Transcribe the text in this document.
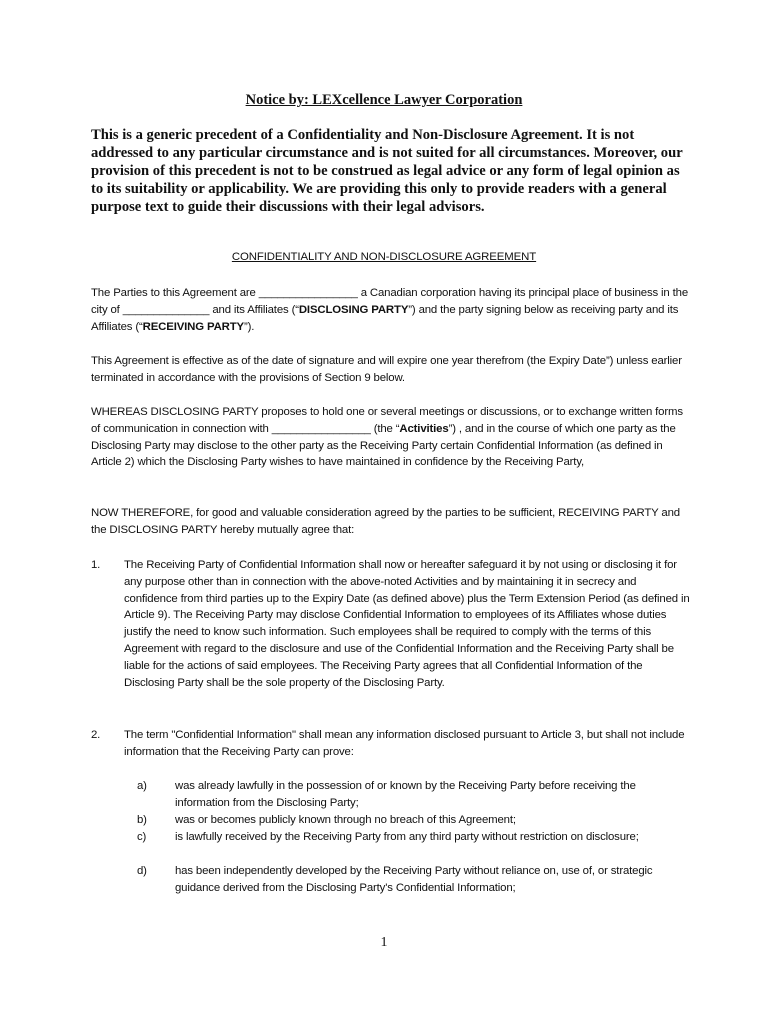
Notice by: LEXcellence Lawyer Corporation
This is a generic precedent of a Confidentiality and Non-Disclosure Agreement. It is not addressed to any particular circumstance and is not suited for all circumstances. Moreover, our provision of this precedent is not to be construed as legal advice or any form of legal opinion as to its suitability or applicability. We are providing this only to provide readers with a general purpose text to guide their discussions with their legal advisors.
CONFIDENTIALITY AND NON-DISCLOSURE AGREEMENT
The Parties to this Agreement are ________________ a Canadian corporation having its principal place of business in the city of ______________ and its Affiliates (“DISCLOSING PARTY”) and the party signing below as receiving party and its Affiliates (“RECEIVING PARTY”).
This Agreement is effective as of the date of signature and will expire one year therefrom (the Expiry Date”) unless earlier terminated in accordance with the provisions of Section 9 below.
WHEREAS DISCLOSING PARTY proposes to hold one or several meetings or discussions, or to exchange written forms of communication in connection with ________________ (the “Activities”) , and in the course of which one party as the Disclosing Party may disclose to the other party as the Receiving Party certain Confidential Information (as defined in Article 2) which the Disclosing Party wishes to have maintained in confidence by the Receiving Party,
NOW THEREFORE, for good and valuable consideration agreed by the parties to be sufficient, RECEIVING PARTY and the DISCLOSING PARTY hereby mutually agree that:
1. The Receiving Party of Confidential Information shall now or hereafter safeguard it by not using or disclosing it for any purpose other than in connection with the above-noted Activities and by maintaining it in secrecy and confidence from third parties up to the Expiry Date (as defined above) plus the Term Extension Period (as defined in Article 9). The Receiving Party may disclose Confidential Information to employees of its Affiliates whose duties justify the need to know such information. Such employees shall be required to comply with the terms of this Agreement with regard to the disclosure and use of the Confidential Information and the Receiving Party shall be liable for the actions of said employees. The Receiving Party agrees that all Confidential Information of the Disclosing Party shall be the sole property of the Disclosing Party.
2. The term "Confidential Information" shall mean any information disclosed pursuant to Article 3, but shall not include information that the Receiving Party can prove:
a) was already lawfully in the possession of or known by the Receiving Party before receiving the information from the Disclosing Party;
b) was or becomes publicly known through no breach of this Agreement;
c)	is lawfully received by the Receiving Party from any third party without restriction on disclosure;
d) has been independently developed by the Receiving Party without reliance on, use of, or strategic guidance derived from the Disclosing Party's Confidential Information;
1
